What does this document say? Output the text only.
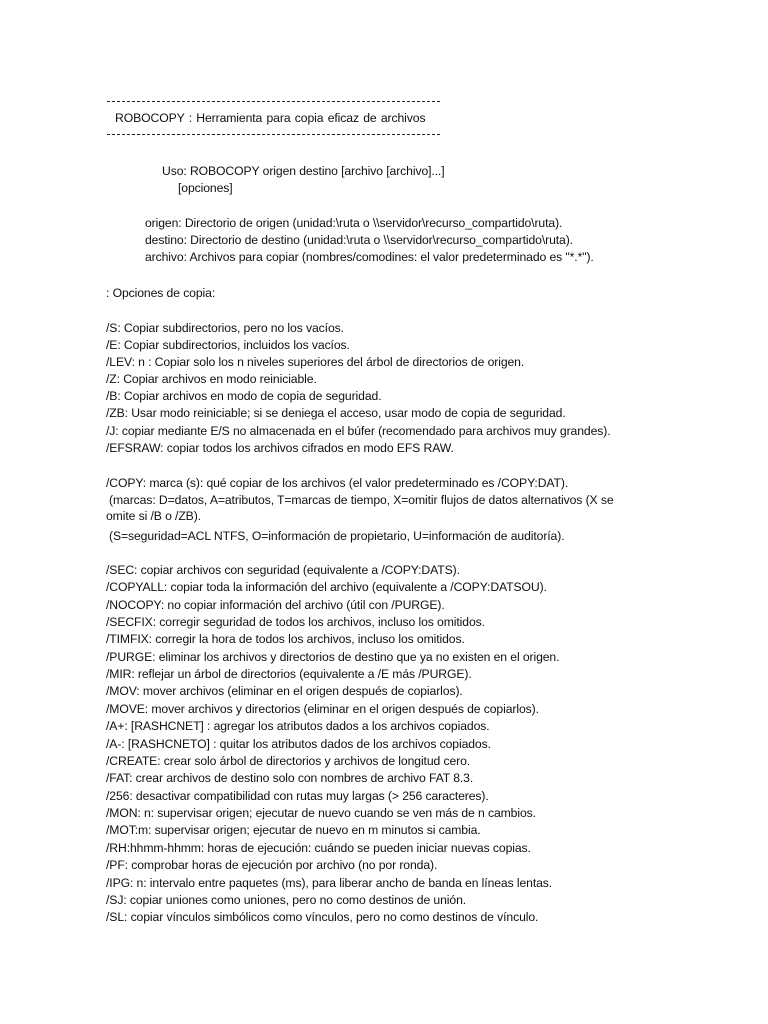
ROBOCOPY : Herramienta para copia eficaz de archivos
Uso: ROBOCOPY origen destino [archivo [archivo]...]
[opciones]
origen: Directorio de origen (unidad:\ruta o \\servidor\recurso_compartido\ruta).
destino: Directorio de destino (unidad:\ruta o \\servidor\recurso_compartido\ruta).
archivo: Archivos para copiar (nombres/comodines: el valor predeterminado es "*.*").
: Opciones de copia:
/S: Copiar subdirectorios, pero no los vacíos.
/E: Copiar subdirectorios, incluidos los vacíos.
/LEV: n : Copiar solo los n niveles superiores del árbol de directorios de origen.
/Z: Copiar archivos en modo reiniciable.
/B: Copiar archivos en modo de copia de seguridad.
/ZB: Usar modo reiniciable; si se deniega el acceso, usar modo de copia de seguridad.
/J: copiar mediante E/S no almacenada en el búfer (recomendado para archivos muy grandes).
/EFSRAW: copiar todos los archivos cifrados en modo EFS RAW.
/COPY: marca (s): qué copiar de los archivos (el valor predeterminado es /COPY:DAT).
(marcas: D=datos, A=atributos, T=marcas de tiempo, X=omitir flujos de datos alternativos (X se omite si /B o /ZB).
(S=seguridad=ACL NTFS, O=información de propietario, U=información de auditoría).
/SEC: copiar archivos con seguridad (equivalente a /COPY:DATS).
/COPYALL: copiar toda la información del archivo (equivalente a /COPY:DATSOU).
/NOCOPY: no copiar información del archivo (útil con /PURGE).
/SECFIX: corregir seguridad de todos los archivos, incluso los omitidos.
/TIMFIX: corregir la hora de todos los archivos, incluso los omitidos.
/PURGE: eliminar los archivos y directorios de destino que ya no existen en el origen.
/MIR: reflejar un árbol de directorios (equivalente a /E más /PURGE).
/MOV: mover archivos (eliminar en el origen después de copiarlos).
/MOVE: mover archivos y directorios (eliminar en el origen después de copiarlos).
/A+: [RASHCNET] : agregar los atributos dados a los archivos copiados.
/A-: [RASHCNETO] : quitar los atributos dados de los archivos copiados.
/CREATE: crear solo árbol de directorios y archivos de longitud cero.
/FAT: crear archivos de destino solo con nombres de archivo FAT 8.3.
/256: desactivar compatibilidad con rutas muy largas (> 256 caracteres).
/MON: n: supervisar origen; ejecutar de nuevo cuando se ven más de n cambios.
/MOT:m: supervisar origen; ejecutar de nuevo en m minutos si cambia.
/RH:hhmm-hhmm: horas de ejecución: cuándo se pueden iniciar nuevas copias.
/PF: comprobar horas de ejecución por archivo (no por ronda).
/IPG: n: intervalo entre paquetes (ms), para liberar ancho de banda en líneas lentas.
/SJ: copiar uniones como uniones, pero no como destinos de unión.
/SL: copiar vínculos simbólicos como vínculos, pero no como destinos de vínculo.
